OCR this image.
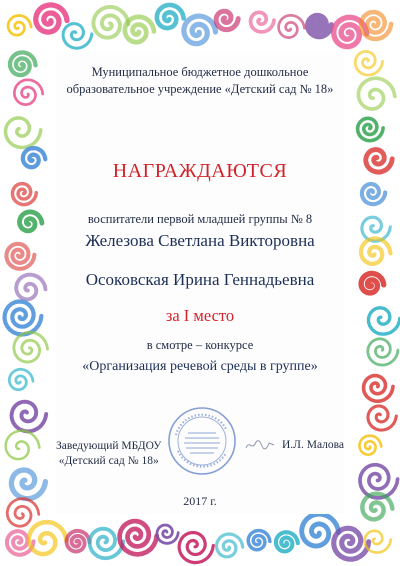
Муниципальное бюджетное дошкольное
образовательное учреждение «Детский сад № 18»
НАГРАЖДАЮТСЯ
воспитатели первой младшей группы № 8
Железова Светлана Викторовна
Осоковская Ирина Геннадьевна
за I место
в смотре – конкурсе
«Организация речевой среды в группе»
Заведующий МБДОУ
«Детский сад № 18»
И.Л. Малова
2017 г.
